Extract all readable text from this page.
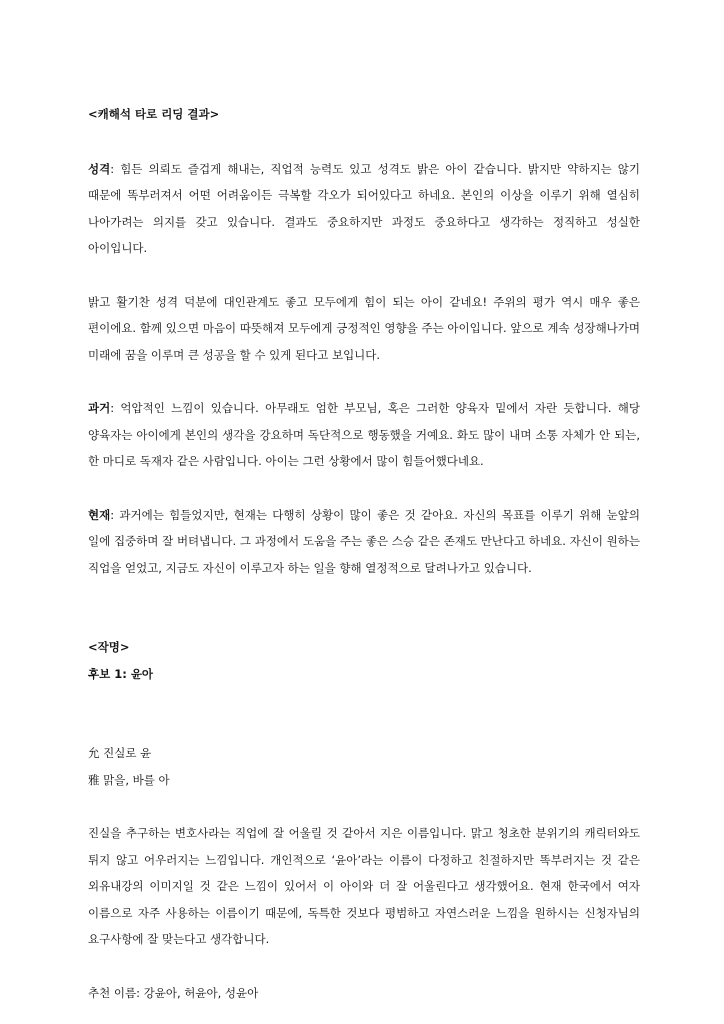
<캐해석 타로 리딩 결과>

성격: 힘든 의뢰도 즐겁게 해내는, 직업적 능력도 있고 성격도 밝은 아이 같습니다. 밝지만 약하지는 않기 때문에 똑부러져서 어떤 어려움이든 극복할 각오가 되어있다고 하네요. 본인의 이상을 이루기 위해 열심히 나아가려는 의지를 갖고 있습니다. 결과도 중요하지만 과정도 중요하다고 생각하는 정직하고 성실한 아이입니다.

밝고 활기찬 성격 덕분에 대인관계도 좋고 모두에게 힘이 되는 아이 같네요! 주위의 평가 역시 매우 좋은 편이에요. 함께 있으면 마음이 따뜻해져 모두에게 긍정적인 영향을 주는 아이입니다. 앞으로 계속 성장해나가며 미래에 꿈을 이루며 큰 성공을 할 수 있게 된다고 보입니다.

과거: 억압적인 느낌이 있습니다. 아무래도 엄한 부모님, 혹은 그러한 양육자 밑에서 자란 듯합니다. 해당 양육자는 아이에게 본인의 생각을 강요하며 독단적으로 행동했을 거예요. 화도 많이 내며 소통 자체가 안 되는, 한 마디로 독재자 같은 사람입니다. 아이는 그런 상황에서 많이 힘들어했다네요.

현재: 과거에는 힘들었지만, 현재는 다행히 상황이 많이 좋은 것 같아요. 자신의 목표를 이루기 위해 눈앞의 일에 집중하며 잘 버텨냅니다. 그 과정에서 도움을 주는 좋은 스승 같은 존재도 만난다고 하네요. 자신이 원하는 직업을 얻었고, 지금도 자신이 이루고자 하는 일을 향해 열정적으로 달려나가고 있습니다.

<작명>
후보 1: 윤아
允 진실로 윤
雅 맑을, 바를 아

진실을 추구하는 변호사라는 직업에 잘 어울릴 것 같아서 지은 이름입니다. 맑고 청초한 분위기의 캐릭터와도 튀지 않고 어우러지는 느낌입니다. 개인적으로 ‘윤아’라는 이름이 다정하고 친절하지만 똑부러지는 것 같은 외유내강의 이미지일 것 같은 느낌이 있어서 이 아이와 더 잘 어울린다고 생각했어요. 현재 한국에서 여자 이름으로 자주 사용하는 이름이기 때문에, 독특한 것보다 평범하고 자연스러운 느낌을 원하시는 신청자님의 요구사항에 잘 맞는다고 생각합니다.

추천 이름: 강윤아, 허윤아, 성윤아
